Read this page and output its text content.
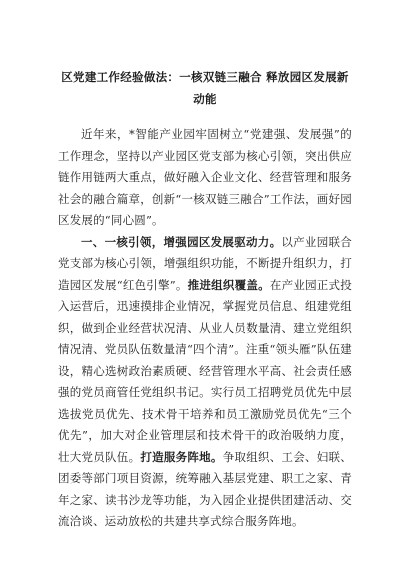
区党建工作经验做法：一核双链三融合 释放园区发展新动能

近年来，*智能产业园牢固树立“党建强、发展强”的工作理念，坚持以产业园区党支部为核心引领，突出供应链作用链两大重点，做好融入企业文化、经营管理和服务社会的融合篇章，创新“一核双链三融合”工作法，画好园区发展的“同心圆”。

一、一核引领，增强园区发展驱动力。以产业园联合党支部为核心引领，增强组织功能，不断提升组织力，打造园区发展“红色引擎”。推进组织覆盖。在产业园正式投入运营后，迅速摸排企业情况，掌握党员信息、组建党组织，做到企业经营状况清、从业人员数量清、建立党组织情况清、党员队伍数量清“四个清”。注重“领头雁”队伍建设，精心选树政治素质硬、经营管理水平高、社会责任感强的党员商管任党组织书记。实行员工招聘党员优先中层选拔党员优先、技术骨干培养和员工激励党员优先“三个优先”，加大对企业管理层和技术骨干的政治吸纳力度，壮大党员队伍。打造服务阵地。争取组织、工会、妇联、团委等部门项目资源，统筹融入基层党建、职工之家、青年之家、读书沙龙等功能，为入园企业提供团建活动、交流洽谈、运动放松的共建共享式综合服务阵地。
